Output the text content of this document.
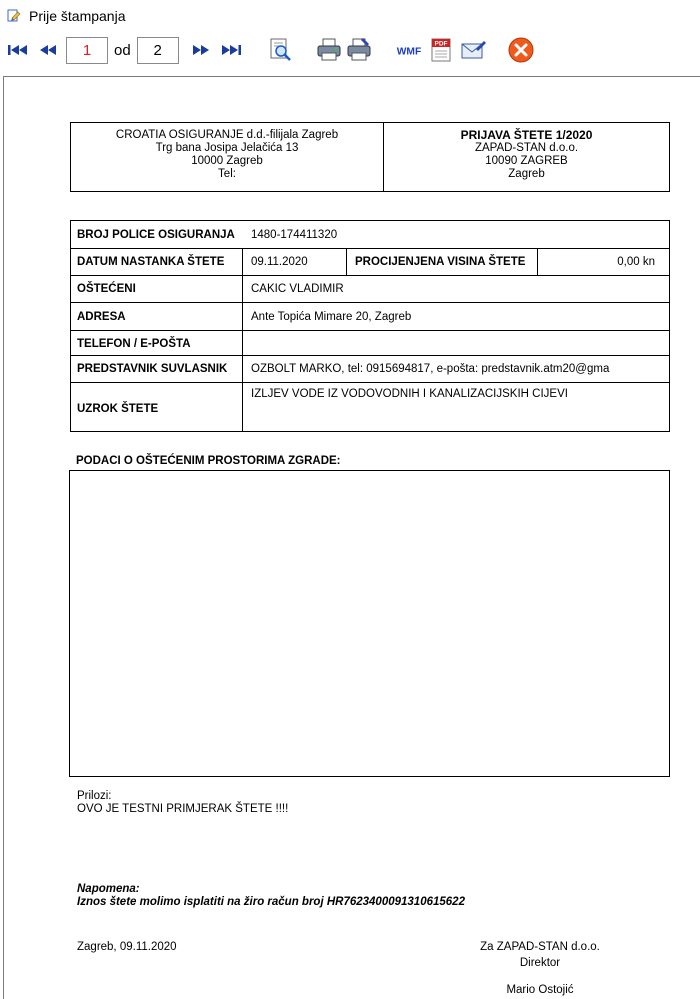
Prije štampanja
1	od	2	WMF
PDF
CROATIA OSIGURANJE d.d.-filijala Zagreb
Trg bana Josipa Jelačića 13
10000 Zagreb
Tel:
PRIJAVA ŠTETE 1/2020
ZAPAD-STAN d.o.o.
10090 ZAGREB
Zagreb
BROJ POLICE OSIGURANJA 1480-174411320
DATUM NASTANKA ŠTETE 09.11.2020	PROCIJENJENA VISINA ŠTETE	0,00 kn
OŠTEĆENI	ČAKIĆ VLADIMIR
ADRESA	Ante Topića Mimare 20, Zagreb
TELEFON / E-POŠTA
PREDSTAVNIK SUVLASNIK OŽBOLT MARKO, tel: 0915694817, e-pošta: predstavnik.atm20@gma
UZROK ŠTETE
IZLJEV VODE IZ VODOVODNIH I KANALIZACIJSKIH CIJEVI
PODACI O OŠTEĆENIM PROSTORIMA ZGRADE:
Prilozi:
OVO JE TESTNI PRIMJERAK ŠTETE !!!!
Napomena:
Iznos štete molimo isplatiti na žiro račun broj HR7623400091310615622
Zagreb, 09.11.2020	Za ZAPAD-STAN d.o.o.
Direktor
Mario Ostojić
